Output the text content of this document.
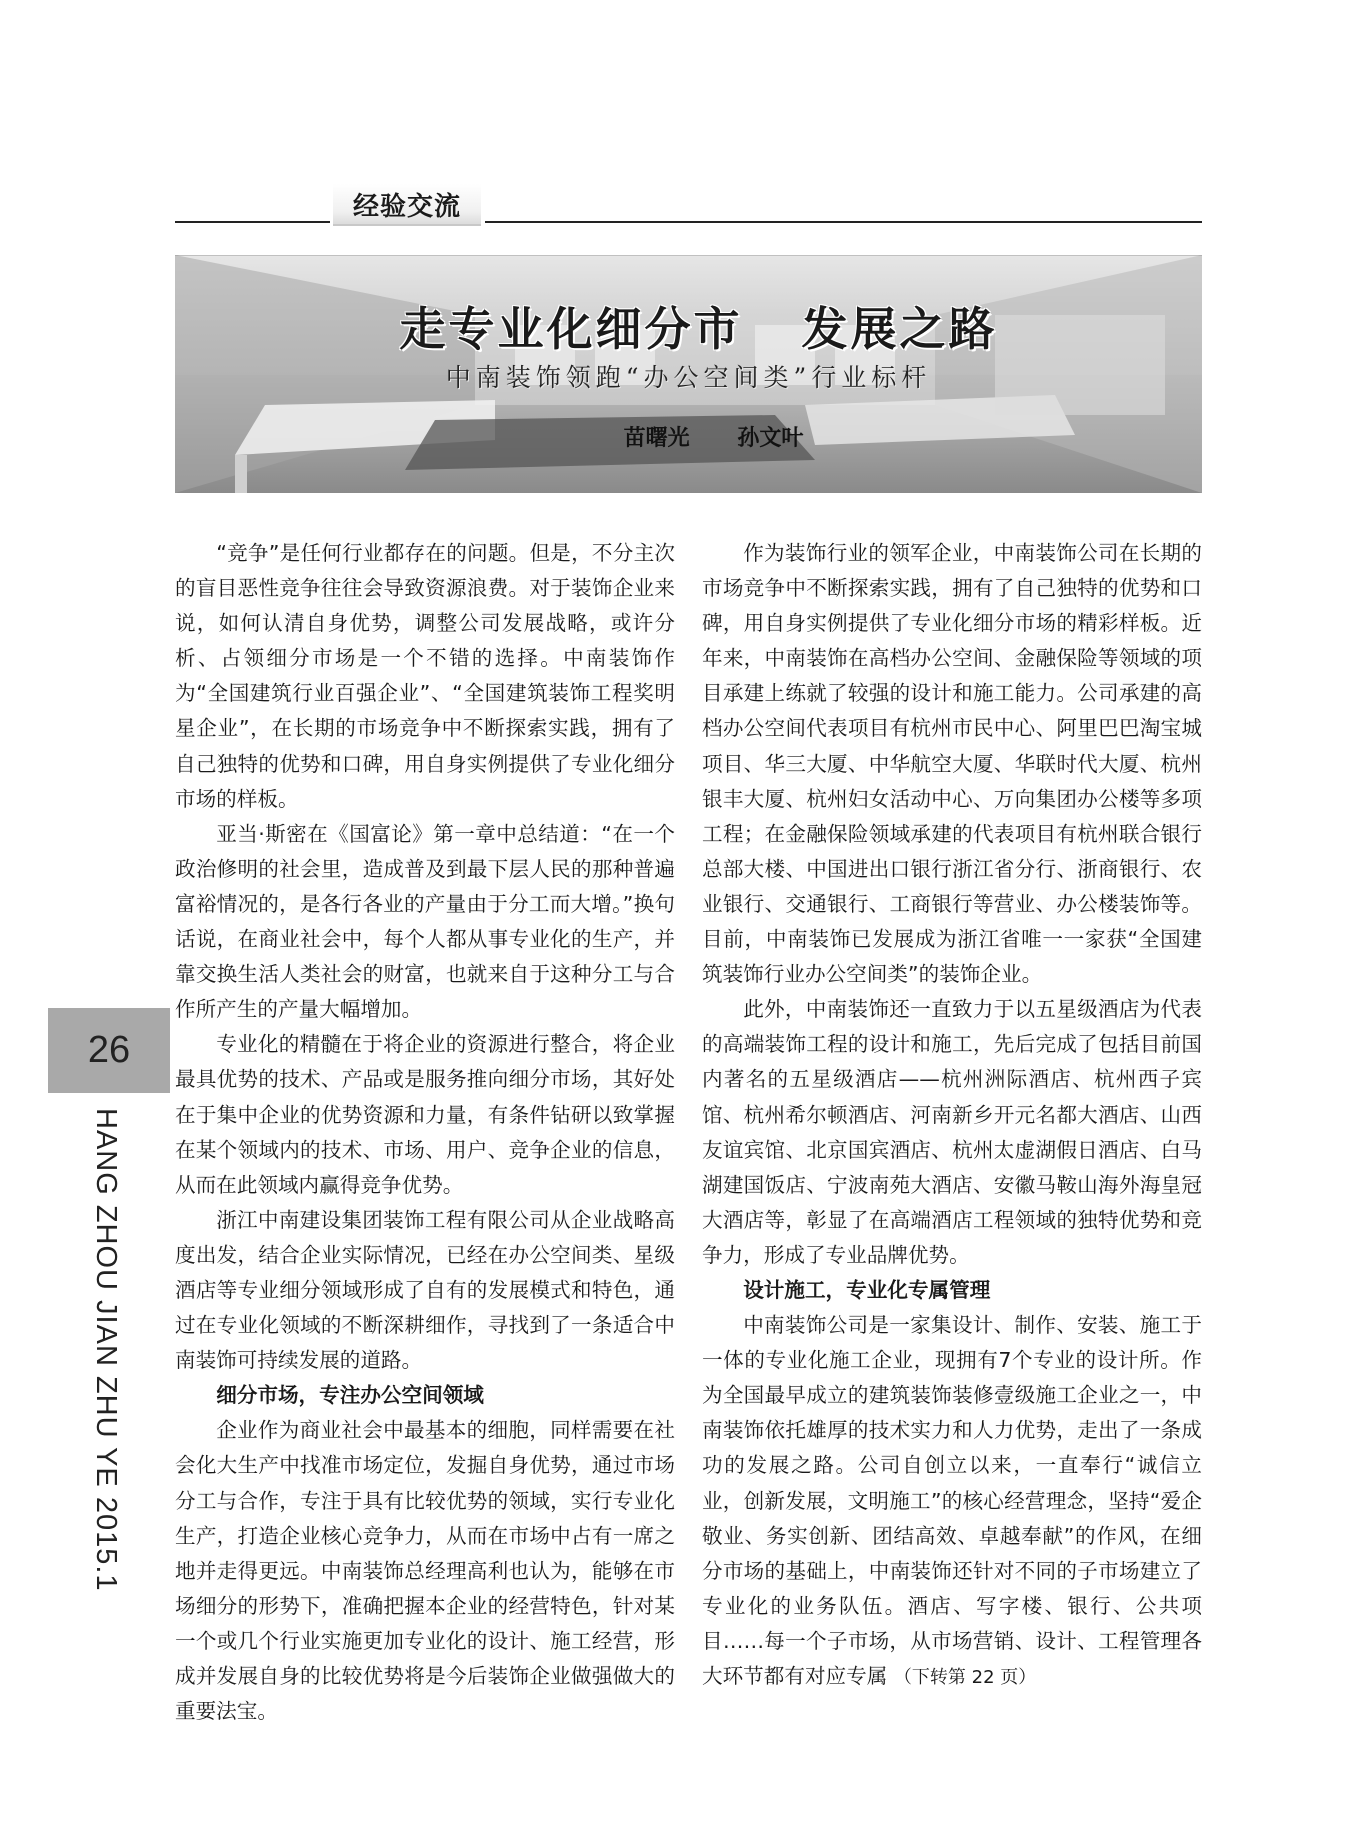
经验交流
走专业化细分市 发展之路
中南装饰领跑“办公空间类”行业标杆
苗曙光 孙文叶

“竞争”是任何行业都存在的问题。但是，不分主次的盲目恶性竞争往往会导致资源浪费。对于装饰企业来说，如何认清自身优势，调整公司发展战略，或许分析、占领细分市场是一个不错的选择。中南装饰作为“全国建筑行业百强企业”、“全国建筑装饰工程奖明星企业”，在长期的市场竞争中不断探索实践，拥有了自己独特的优势和口碑，用自身实例提供了专业化细分市场的样板。

亚当·斯密在《国富论》第一章中总结道：“在一个政治修明的社会里，造成普及到最下层人民的那种普遍富裕情况的，是各行各业的产量由于分工而大增。”换句话说，在商业社会中，每个人都从事专业化的生产，并靠交换生活人类社会的财富，也就来自于这种分工与合作所产生的产量大幅增加。

专业化的精髓在于将企业的资源进行整合，将企业最具优势的技术、产品或是服务推向细分市场，其好处在于集中企业的优势资源和力量，有条件钻研以致掌握在某个领域内的技术、市场、用户、竞争企业的信息，从而在此领域内赢得竞争优势。

浙江中南建设集团装饰工程有限公司从企业战略高度出发，结合企业实际情况，已经在办公空间类、星级酒店等专业细分领域形成了自有的发展模式和特色，通过在专业化领域的不断深耕细作，寻找到了一条适合中南装饰可持续发展的道路。

细分市场，专注办公空间领域

企业作为商业社会中最基本的细胞，同样需要在社会化大生产中找准市场定位，发掘自身优势，通过市场分工与合作，专注于具有比较优势的领域，实行专业化生产，打造企业核心竞争力，从而在市场中占有一席之地并走得更远。中南装饰总经理高利也认为，能够在市场细分的形势下，准确把握本企业的经营特色，针对某一个或几个行业实施更加专业化的设计、施工经营，形成并发展自身的比较优势将是今后装饰企业做强做大的重要法宝。

作为装饰行业的领军企业，中南装饰公司在长期的市场竞争中不断探索实践，拥有了自己独特的优势和口碑，用自身实例提供了专业化细分市场的精彩样板。近年来，中南装饰在高档办公空间、金融保险等领域的项目承建上练就了较强的设计和施工能力。公司承建的高档办公空间代表项目有杭州市民中心、阿里巴巴淘宝城项目、华三大厦、中华航空大厦、华联时代大厦、杭州银丰大厦、杭州妇女活动中心、万向集团办公楼等多项工程；在金融保险领域承建的代表项目有杭州联合银行总部大楼、中国进出口银行浙江省分行、浙商银行、农业银行、交通银行、工商银行等营业、办公楼装饰等。目前，中南装饰已发展成为浙江省唯一一家获“全国建筑装饰行业办公空间类”的装饰企业。

此外，中南装饰还一直致力于以五星级酒店为代表的高端装饰工程的设计和施工，先后完成了包括目前国内著名的五星级酒店——杭州洲际酒店、杭州西子宾馆、杭州希尔顿酒店、河南新乡开元名都大酒店、山西友谊宾馆、北京国宾酒店、杭州太虚湖假日酒店、白马湖建国饭店、宁波南苑大酒店、安徽马鞍山海外海皇冠大酒店等，彰显了在高端酒店工程领域的独特优势和竞争力，形成了专业品牌优势。

设计施工，专业化专属管理

中南装饰公司是一家集设计、制作、安装、施工于一体的专业化施工企业，现拥有7个专业的设计所。作为全国最早成立的建筑装饰装修壹级施工企业之一，中南装饰依托雄厚的技术实力和人力优势，走出了一条成功的发展之路。公司自创立以来，一直奉行“诚信立业，创新发展，文明施工”的核心经营理念，坚持“爱企敬业、务实创新、团结高效、卓越奉献”的作风，在细分市场的基础上，中南装饰还针对不同的子市场建立了专业化的业务队伍。酒店、写字楼、银行、公共项目……每一个子市场，从市场营销、设计、工程管理各大环节都有对应专属 （下转第 22 页）

26
HANG ZHOU JIAN ZHU YE 2015.1
